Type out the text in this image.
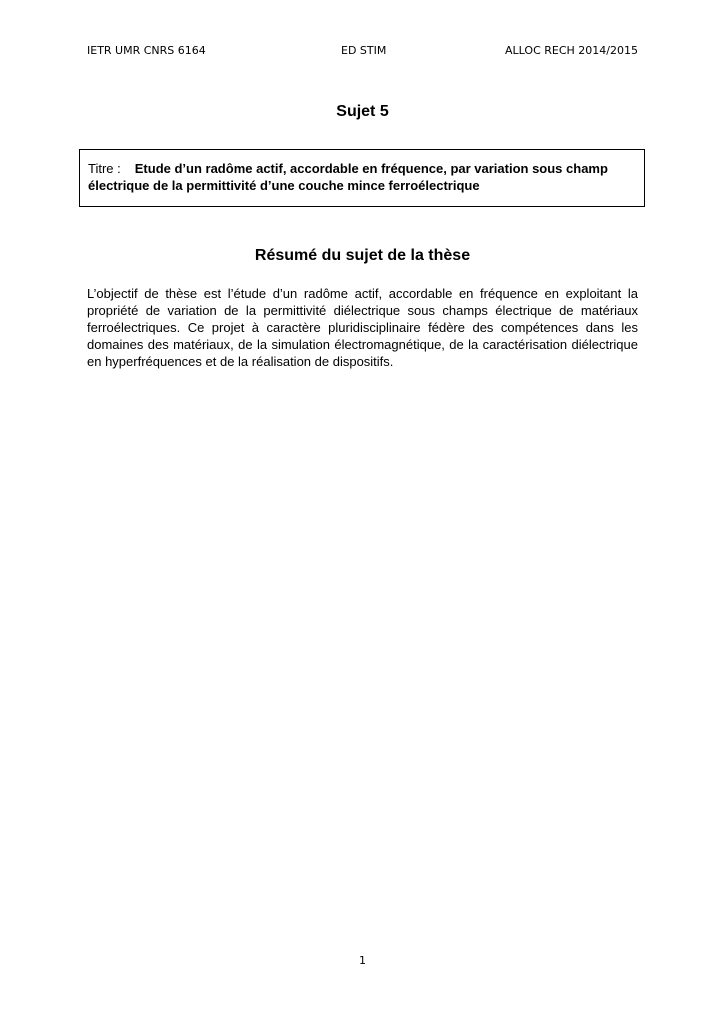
IETR UMR CNRS 6164	ED STIM	ALLOC RECH 2014/2015
Sujet 5
Titre : Etude d’un radôme actif, accordable en fréquence, par variation sous champ électrique de la permittivité d’une couche mince ferroélectrique
Résumé du sujet de la thèse

L’objectif de thèse est l’étude d’un radôme actif, accordable en fréquence en exploitant la propriété de variation de la permittivité diélectrique sous champs électrique de matériaux ferroélectriques. Ce projet à caractère pluridisciplinaire fédère des compétences dans les domaines des matériaux, de la simulation électromagnétique, de la caractérisation diélectrique en hyperfréquences et de la réalisation de dispositifs.

1
